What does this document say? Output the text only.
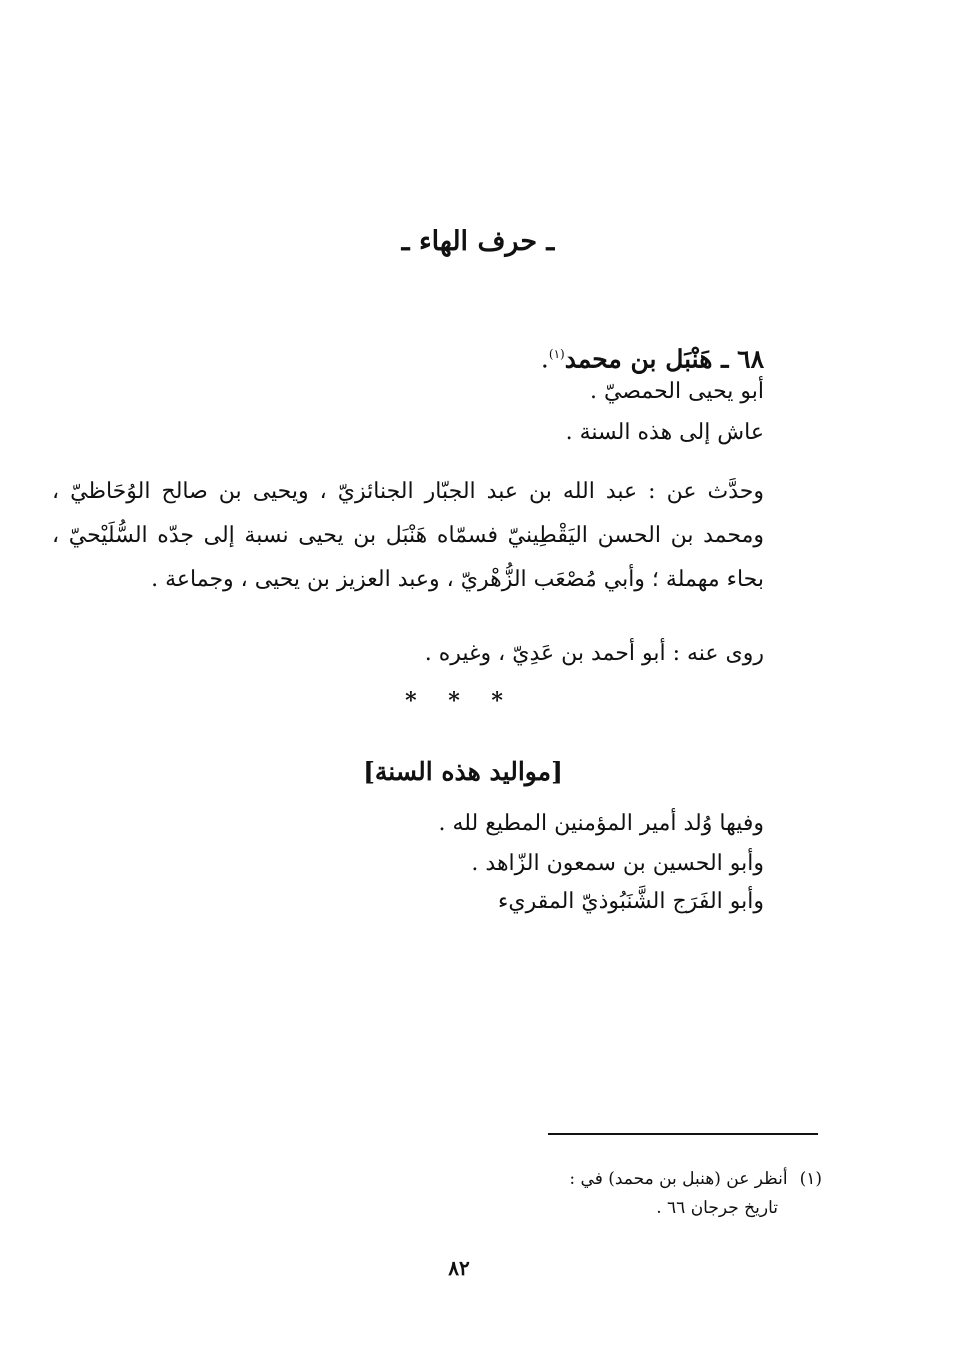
ـ حرف الهاء ـ
٦٨ ـ هَنْبَل بن محمد$^{(١)}$.
أبو يحيى الحمصيّ .
عاش إلى هذه السنة .
وحدَّث عن : عبد الله بن عبد الجبّار الجنائزيّ ، ويحيى بن صالح الوُحَاظيّ ، ومحمد بن الحسن اليَقْطِينيّ فسمّاه هَنْبَل بن يحيى نسبة إلى جدّه السُّلَيْحيّ ، بحاء مهملة ؛ وأبي مُصْعَب الزُّهْريّ ، وعبد العزيز بن يحيى ، وجماعة .
روى عنه : أبو أحمد بن عَدِيّ ، وغيره .
* * *
[مواليد هذه السنة]
وفيها وُلد أمير المؤمنين المطيع لله .
وأبو الحسين بن سمعون الزّاهد .
وأبو الفَرَج الشَّنَبُوذيّ المقريء
(١)أنظر عن (هنبل بن محمد) في :
تاريخ جرجان ٦٦ .
٨٢
